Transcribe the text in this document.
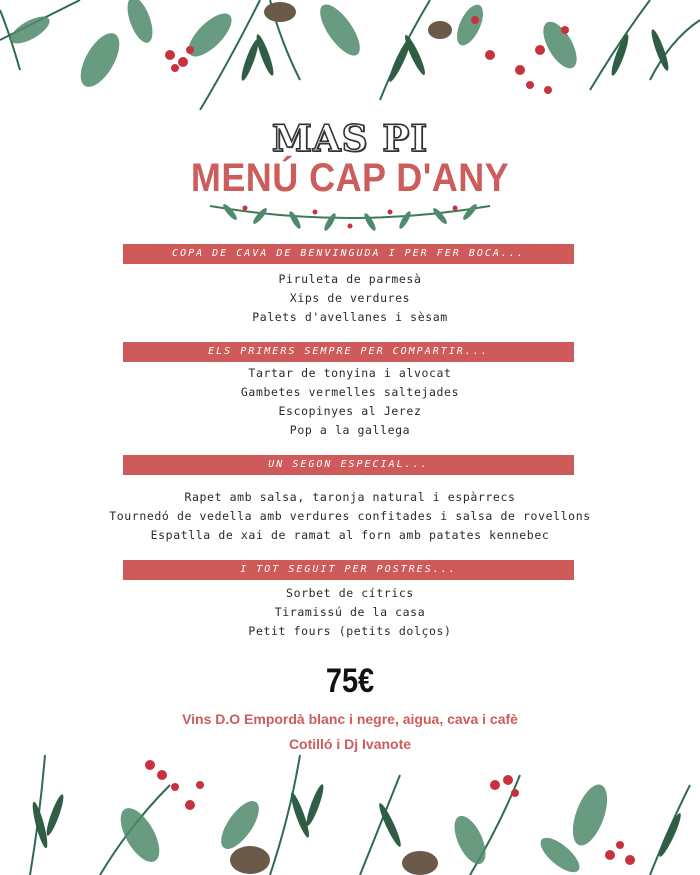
MAS PI
MENÚ CAP D'ANY
COPA DE CAVA DE BENVINGUDA I PER FER BOCA...
Piruleta de parmesà
Xips de verdures
Palets d'avellanes i sèsam
ELS PRIMERS SEMPRE PER COMPARTIR...
Tartar de tonyina i alvocat
Gambetes vermelles saltejades
Escopinyes al Jerez
Pop a la gallega
UN SEGON ESPECIAL...
Rapet amb salsa, taronja natural i espàrrecs
Tournedó de vedella amb verdures confitades i salsa de rovellons
Espatlla de xai de ramat al forn amb patates kennebec
I TOT SEGUIT PER POSTRES...
Sorbet de cítrics
Tiramissú de la casa
Petit fours (petits dolços)
75€
Vins D.O Empordà blanc i negre, aigua, cava i cafè
Cotilló i Dj Ivanote
